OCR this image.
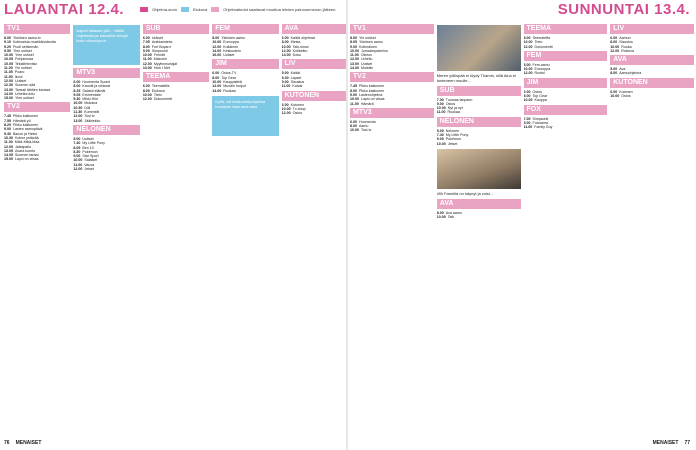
LAUANTAI 12.4.	Ohjelma-arvio	Elokuva	Ohjelmatiedot saattavat muuttua lehden painoonmenon jälkeen.
TV1
8.00 Ykkösen aamu-tv
9.10 Kotimaisia musiikkivideoita
9.20 Puoli seitsemän
9.50 Ylen uutiset
10.00 Ylen uutiset
10.05 Pohjanmaa
10.05 Tekstitelevisio
11.00 Yle uutiset
11.05 Poaro
11.50 Ikoni
12.00 Uutiset
12.30 Suomen sää
13.00 Tanssii tähtien kanssa
14.00 Urheiluruutu
15.00 Ylen uutiset
TV2
7.45 Pikku kakkonen
7.55 Hämärä yö
8.20 Pikku kakkonen
9.00 Lasten aamupäivä
9.40 Bacon ja Helmi
10.30 Kolme ystävää
11.00 Mikä-Mikä-Maa
12.00 Jalkapallo
13.05 Avara luonto
14.05 Suomen tanssi
15.00 Lapsi on viisas
Aapeli hälaavs yllä... Näillä ohjelmalla ja kanavilla viihdyt koko viikonlopun.
MTV3
6.00 Huomenta Suomi
8.00 Kauniit ja rohkeat
8.25 Salatut elämät
9.05 Emmerdale
9.30 Mikki Hiiri
10.00 Mukana
10.30 Diili
11.30 Kummelit
12.00 Tosi tv
13.00 Jääkiekko
NELONEN
5.00 Uutiset
7.40 My Little Pony
8.05 Ben 10
8.30 Pokémon
9.00 Star Sport
10.00 Salaiset
11.00 Vauva
12.00 Jetset
SUB
6.00 Uutiset
7.05 Arabianranta
8.00 Fort Boyard
9.00 Simpsonit
10.00 Frendit
11.00 Malcolm
12.00 Myytinmurtajat
13.00 How I Met
TEEMA
6.00 Teemaleffa
8.00 Elokuva
10.00 Tieto
12.00 Dokumentti
FEM
8.00 Ykkösen aamu
10.00 Eurooppa
12.00 Kultainen
14.00 Keskustelu
16.00 Uutiset
JIM
6.00 Ostos-TV
8.00 Top Gear
10.00 Kauppalehti
12.00 Muodin huiput
14.00 Ruokaa
Kyllä, vai keskusteluohjelma torstaisin taas taas taas
AVA
6.00 Kaikki ohjelmat
8.00 Mesta
10.00 Talk-show
12.00 Kotikeitto
14.00 Doku
LIV
5.00 Kaikki
8.30 Lapset
9.00 Sisustus
11.00 Kuivat
KUTONEN
6.00 Kutonen
10.00 Tv-shop
12.00 Ostos
76 MENAISET
SUNNUNTAI 13.4.
TV1
8.00 Yle uutiset
8.05 Ykkösen aamu
9.00 Kotimainen
10.00 Jumalanpalvelus
11.00 Oikeus
12.00 Urheilu
13.00 Uutiset
14.00 Muistiin
TV2
7.45 Pikku kakkonen
8.00 Pikku kakkonen
9.00 Lastenohjelma
10.00 Lapsi on viisas
11.00 Hämärä
MTV3
6.00 Huomenta
8.00 Aamu
10.00 Tosi-tv
Meren yöllispää ei löydy Thamin, sillä Aino ei tunteneen muulle...
SUB
7.00 Tuomas lanpaon
9.00 Ostos
10.00 Nyt ja nyt
11.00 Ruokaa
NELONEN
5.00 Nelonen
7.40 My Little Pony
9.00 Pokémon
10.00 Jetset
Villi Farmilla on käynyt ja voisi...
AVA
8.00 Ava aamu
10.00 Talk
TEEMA
8.00 Teemaleffa
10.00 Tieto
12.00 Dokumentti
FEM
8.00 Fem aamu
10.00 Eurooppa
12.00 Ruotsi
JIM
6.00 Ostos
8.00 Top Gear
10.00 Kauppa
FOX
7.00 Simpsonit
9.00 Futurama
11.00 Family Guy
LIV
6.00 Aamun
8.00 Sisustus
10.00 Ruoka
12.00 Elokuva
AVA
5.00 Ava
8.00 Aamuohjelma
KUTONEN
6.00 Kutonen
10.00 Ostos
MENAISET 77
